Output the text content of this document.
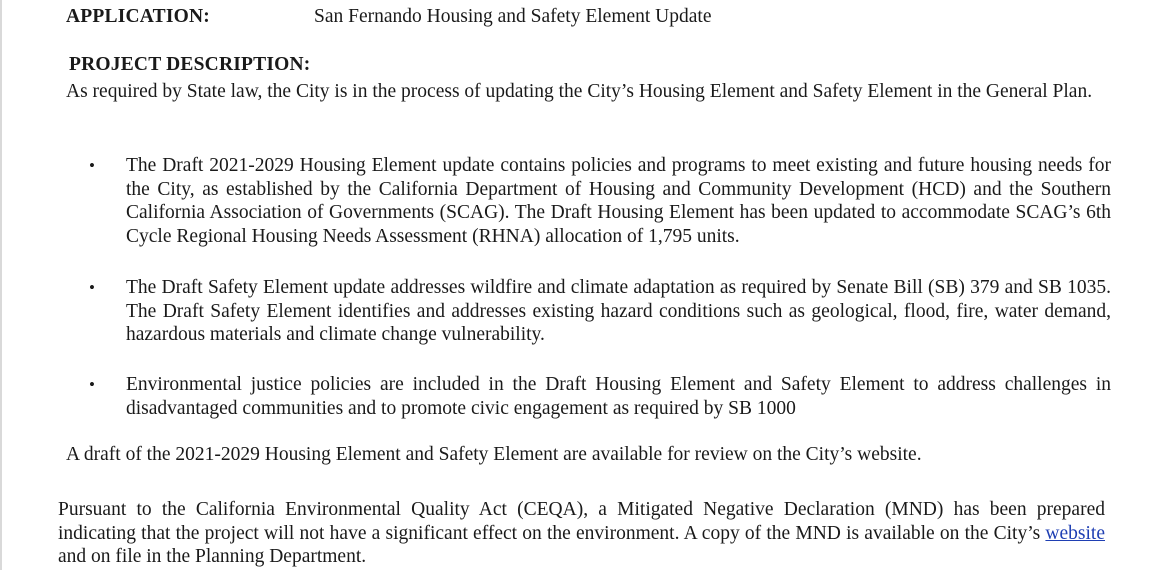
APPLICATION:	San Fernando Housing and Safety Element Update
PROJECT DESCRIPTION:

As required by State law, the City is in the process of updating the City’s Housing Element and Safety Element in the General Plan.

• The Draft 2021-2029 Housing Element update contains policies and programs to meet existing and future housing needs for the City, as established by the California Department of Housing and Community Development (HCD) and the Southern California Association of Governments (SCAG). The Draft Housing Element has been updated to accommodate SCAG’s 6th Cycle Regional Housing Needs Assessment (RHNA) allocation of 1,795 units.
• The Draft Safety Element update addresses wildfire and climate adaptation as required by Senate Bill (SB) 379 and SB 1035. The Draft Safety Element identifies and addresses existing hazard conditions such as geological, flood, fire, water demand, hazardous materials and climate change vulnerability.
• Environmental justice policies are included in the Draft Housing Element and Safety Element to address challenges in disadvantaged communities and to promote civic engagement as required by SB 1000

A draft of the 2021-2029 Housing Element and Safety Element are available for review on the City’s website.

Pursuant to the California Environmental Quality Act (CEQA), a Mitigated Negative Declaration (MND) has been prepared indicating that the project will not have a significant effect on the environment. A copy of the MND is available on the City’s website and on file in the Planning Department.
